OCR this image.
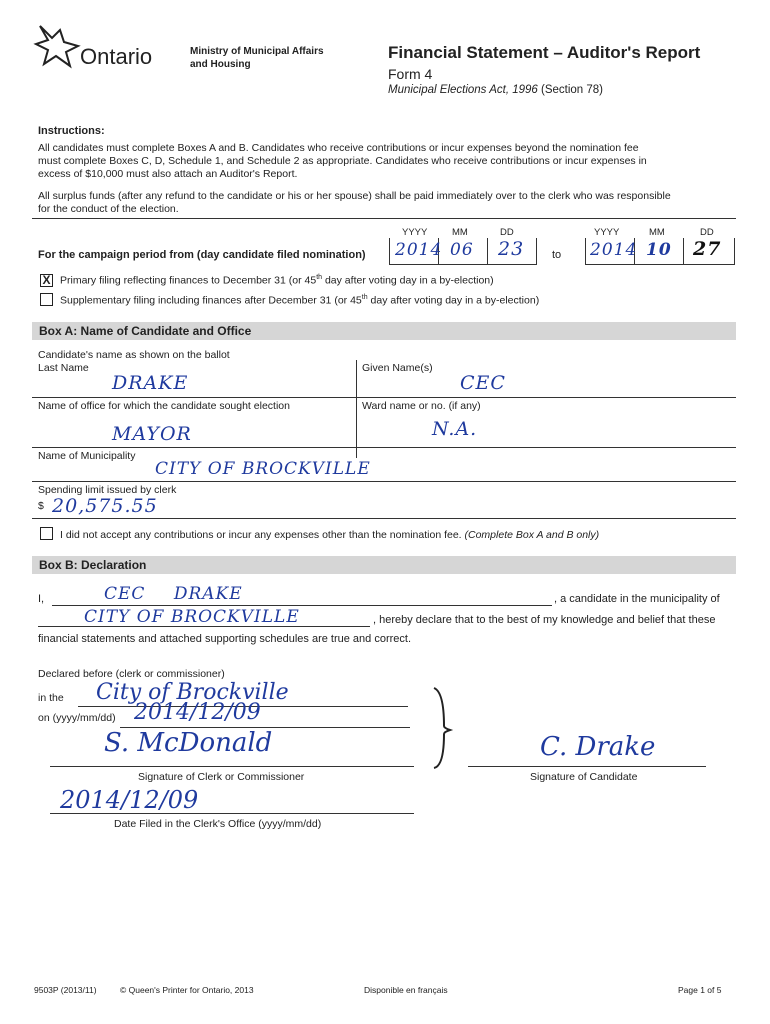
Ontario	Ministry of Municipal Affairs and Housing
Financial Statement – Auditor's Report
Form 4
Municipal Elections Act, 1996 (Section 78)
Instructions:
All candidates must complete Boxes A and B. Candidates who receive contributions or incur expenses beyond the nomination fee
must complete Boxes C, D, Schedule 1, and Schedule 2 as appropriate. Candidates who receive contributions or incur expenses in
excess of $10,000 must also attach an Auditor's Report.
All surplus funds (after any refund to the candidate or his or her spouse) shall be paid immediately over to the clerk who was responsible
for the conduct of the election.
YYYY	MM	DD	YYYY	MM	DD
For the campaign period from (day candidate filed nomination) 2014 06 23	to 2014 10 27
X Primary filing reflecting finances to December 31 (or 45th day after voting day in a by-election)
Supplementary filing including finances after December 31 (or 45th day after voting day in a by-election)
Box A: Name of Candidate and Office
Candidate's name as shown on the ballot
Last Name	Given Name(s)
DRAKE	CEC
Name of office for which the candidate sought election	Ward name or no. (if any)
MAYOR	N.A.
Name of Municipality
CITY OF BROCKVILLE
Spending limit issued by clerk
$ 20,575.55
I did not accept any contributions or incur any expenses other than the nomination fee. (Complete Box A and B only)
Box B: Declaration
I,	CEC DRAKE	, a candidate in the municipality of
CITY OF BROCKVILLE	, hereby declare that to the best of my knowledge and belief that these
financial statements and attached supporting schedules are true and correct.
Declared before (clerk or commissioner)
in the City of Brockville
on (yyyy/mm/dd) 2014/12/09
S. McDonald
Signature of Clerk or Commissioner
C. Drake
Signature of Candidate
2014/12/09
Date Filed in the Clerk's Office (yyyy/mm/dd)
9503P (2013/11)	© Queen's Printer for Ontario, 2013	Disponible en français	Page 1 of 5
